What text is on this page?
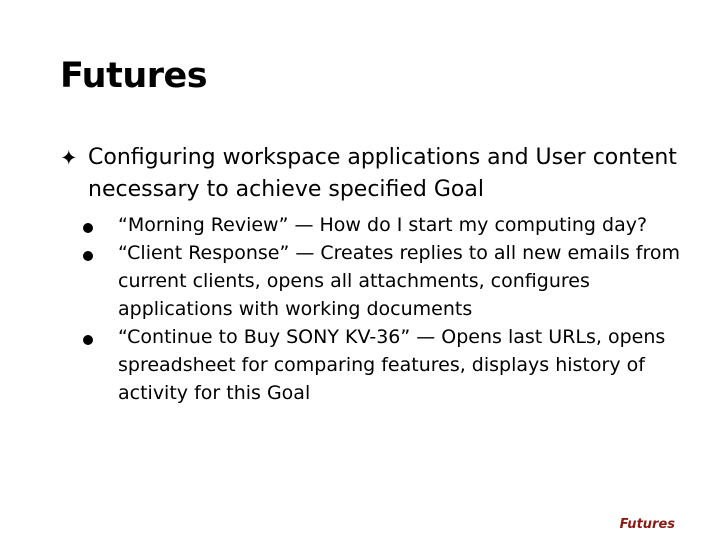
Futures
✦ Configuring workspace applications and User content necessary to achieve specified Goal
“Morning Review” — How do I start my computing day?
“Client Response” — Creates replies to all new emails from current clients, opens all attachments, configures applications with working documents
“Continue to Buy SONY KV-36” — Opens last URLs, opens spreadsheet for comparing features, displays history of activity for this Goal
Futures
